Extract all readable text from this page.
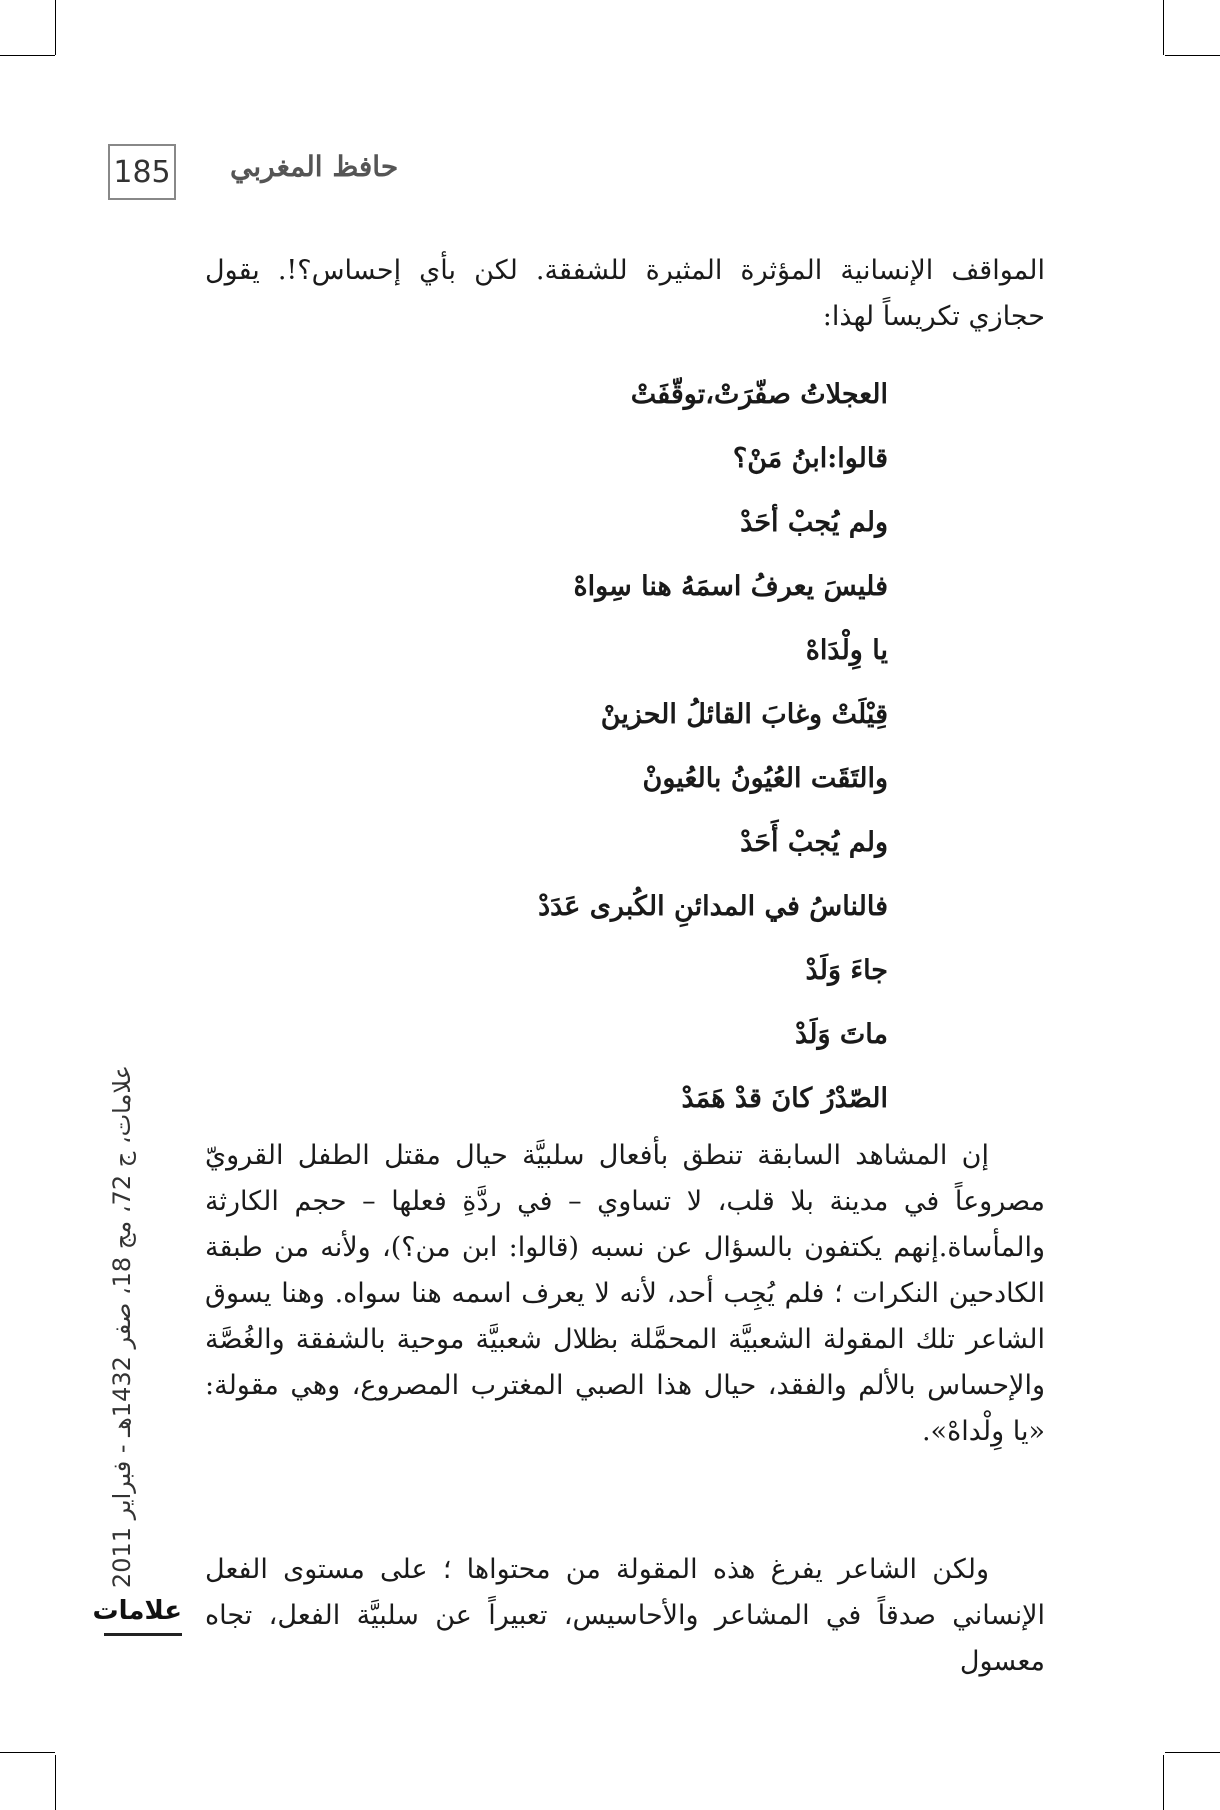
185 حافظ المغربي

المواقف الإنسانية المؤثرة المثيرة للشفقة. لكن بأي إحساس؟!. يقول حجازي تكريساً لهذا:

العجلاتُ صفّرَتْ،توقّفَتْ
قالوا:ابنُ مَنْ؟
ولم يُجبْ أحَدْ
فليسَ يعرفُ اسمَهُ هنا سِواهْ
يا وِلْدَاهْ
قِيْلَتْ وغابَ القائلُ الحزينْ
والتَقَت العُيُونُ بالعُيونْ
ولم يُجبْ أَحَدْ
فالناسُ في المدائنِ الكُبرى عَدَدْ
جاءَ وَلَدْ
ماتَ وَلَدْ
الصّدْرُ كانَ قدْ هَمَدْ

إن المشاهد السابقة تنطق بأفعال سلبيَّة حيال مقتل الطفل القرويّ مصروعاً في مدينة بلا قلب، لا تساوي – في ردَّةِ فعلها – حجم الكارثة والمأساة.إنهم يكتفون بالسؤال عن نسبه (قالوا: ابن من؟)، ولأنه من طبقة الكادحين النكرات ؛ فلم يُجِب أحد، لأنه لا يعرف اسمه هنا سواه. وهنا يسوق الشاعر تلك المقولة الشعبيَّة المحمَّلة بظلال شعبيَّة موحية بالشفقة والغُصَّة والإحساس بالألم والفقد، حيال هذا الصبي المغترب المصروع، وهي مقولة: «يا وِلْداهْ».

ولكن الشاعر يفرغ هذه المقولة من محتواها ؛ على مستوى الفعل الإنساني صدقاً في المشاعر والأحاسيس، تعبيراً عن سلبيَّة الفعل، تجاه معسول

علامات، ج 72، مج 18، صفر 1432هـ - فبراير 2011
علامات
